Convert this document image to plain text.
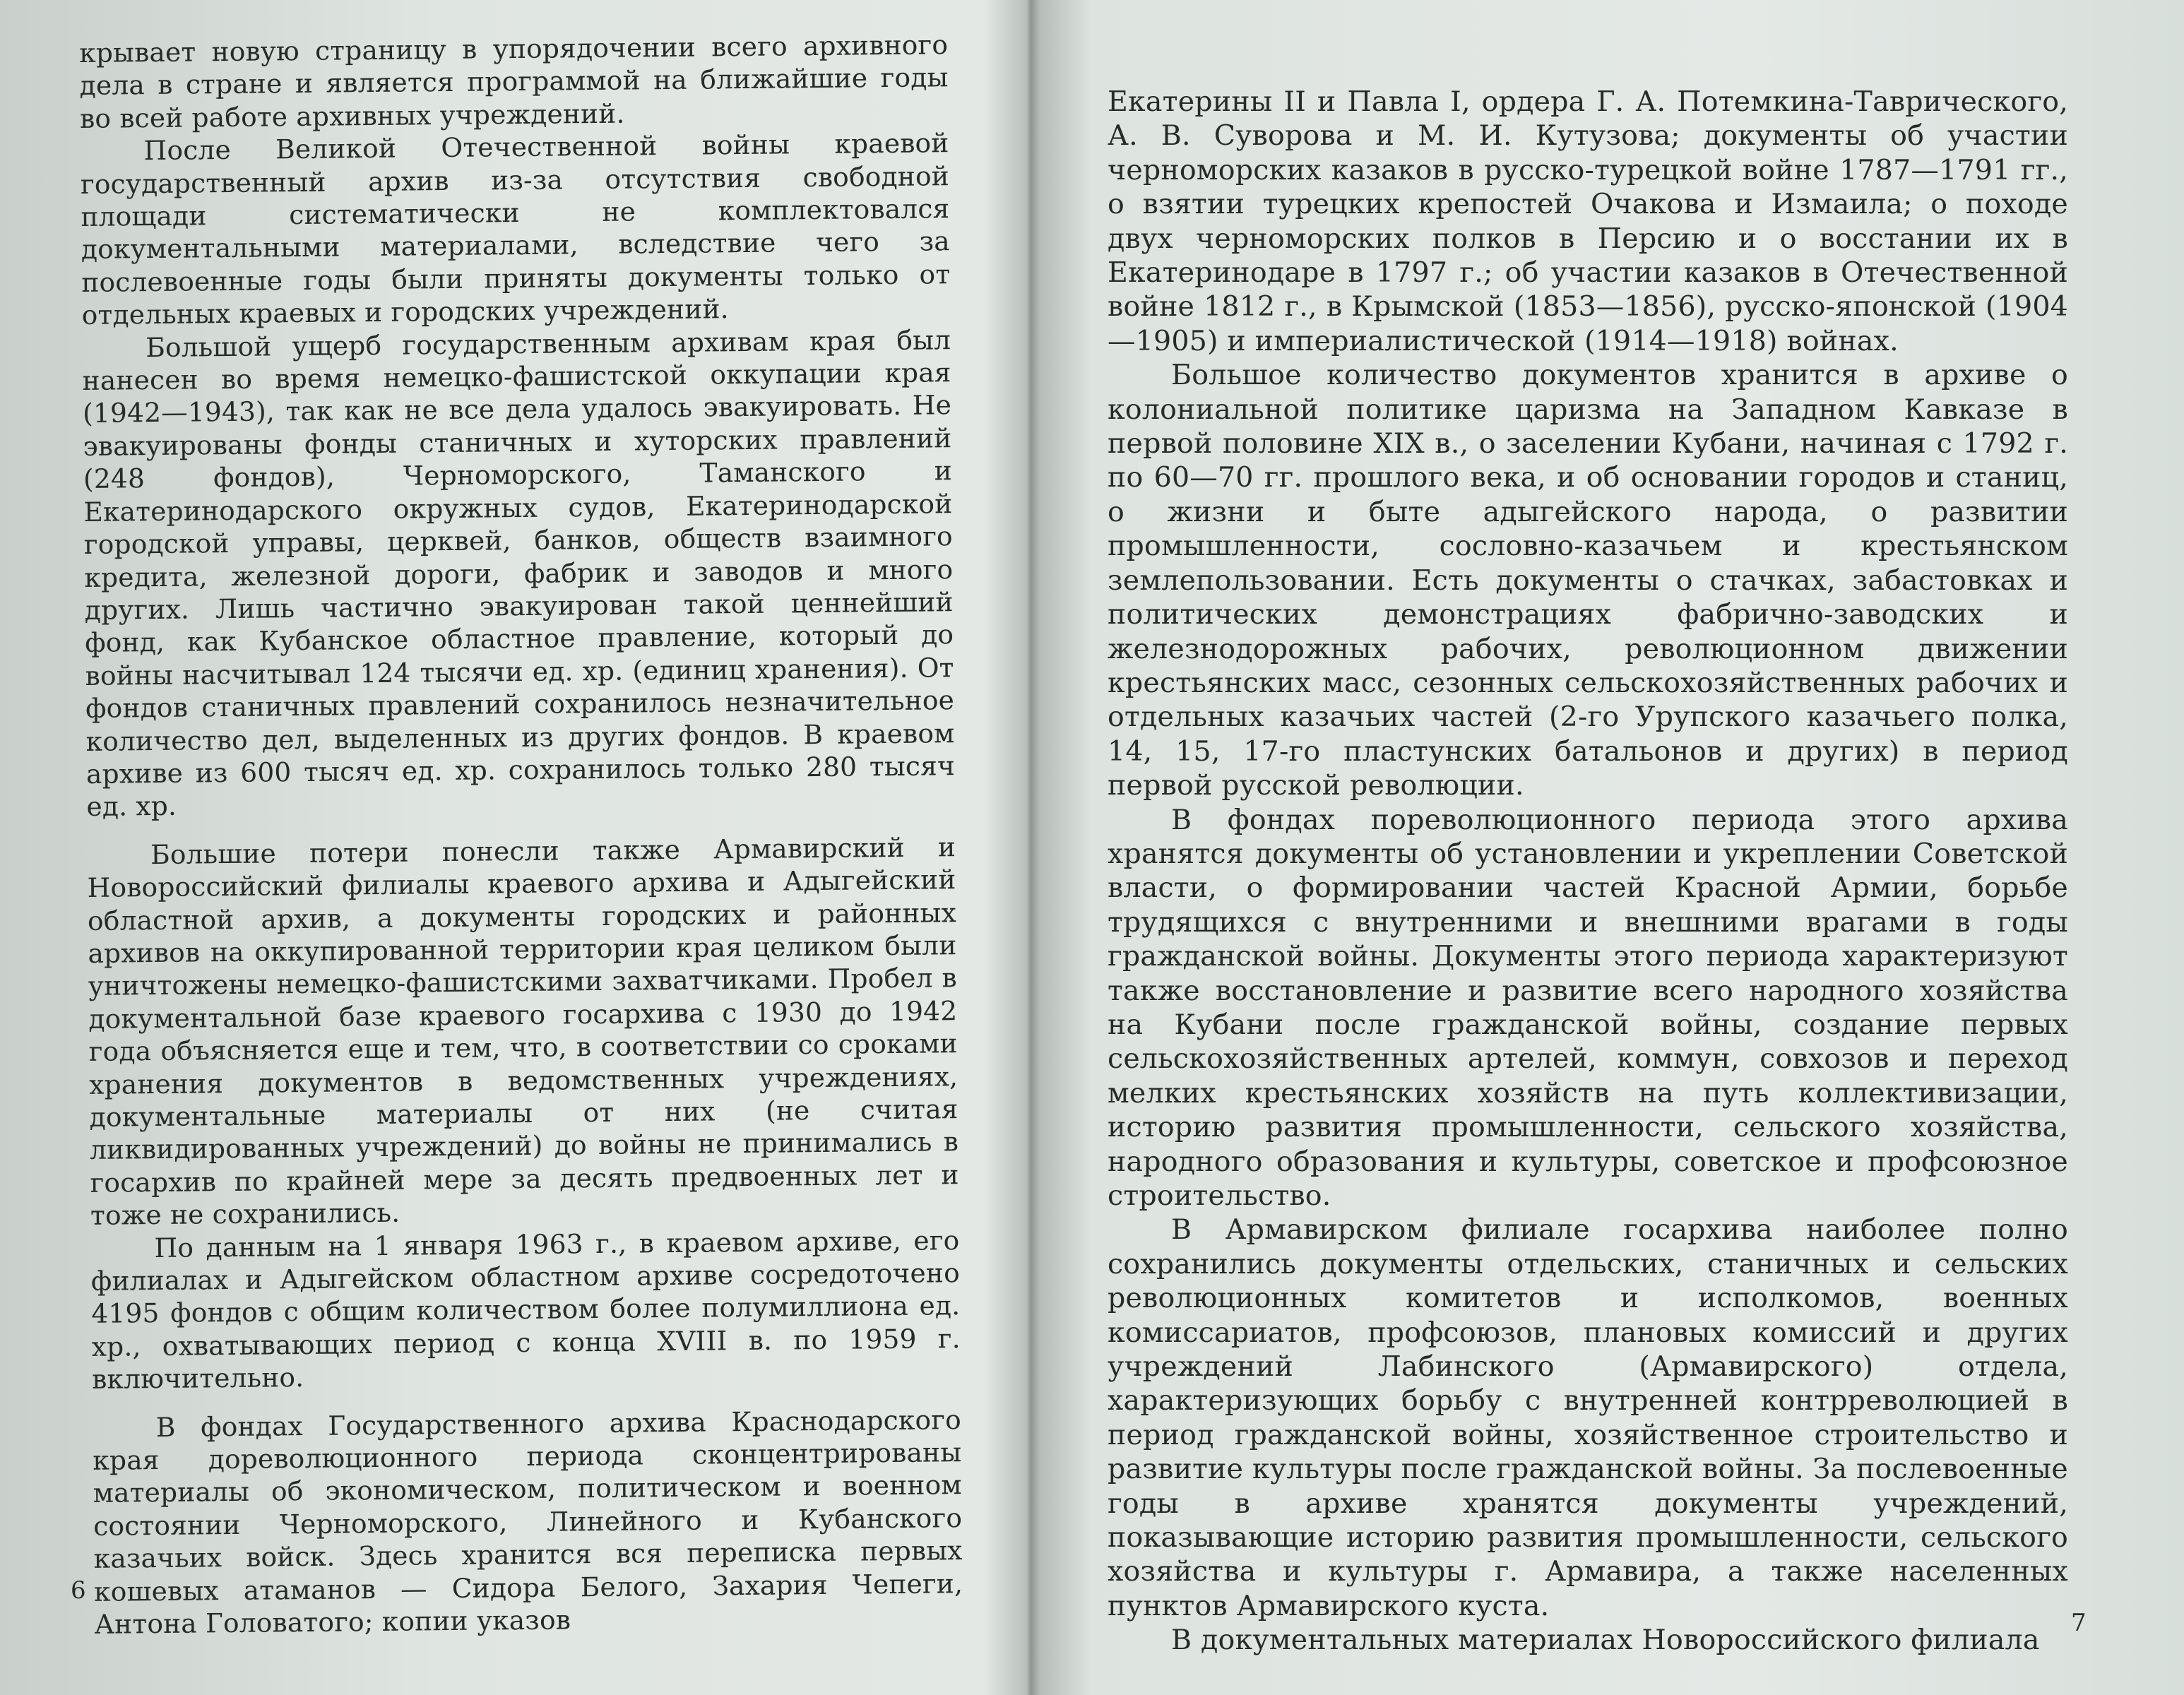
крывает новую страницу в упорядочении всего архивного дела в стране и является программой на ближайшие годы во всей работе архивных учреждений.

После Великой Отечественной войны краевой государственный архив из-за отсутствия свободной площади систематически не комплектовался документальными материалами, вследствие чего за послевоенные годы были приняты документы только от отдельных краевых и городских учреждений.

Большой ущерб государственным архивам края был нанесен во время немецко-фашистской оккупации края (1942—1943), так как не все дела удалось эвакуировать. Не эвакуированы фонды станичных и хуторских правлений (248 фондов), Черноморского, Таманского и Екатеринодарского окружных судов, Екатеринодарской городской управы, церквей, банков, обществ взаимного кредита, железной дороги, фабрик и заводов и много других. Лишь частично эвакуирован такой ценнейший фонд, как Кубанское областное правление, который до войны насчитывал 124 тысячи ед. хр. (единиц хранения). От фондов станичных правлений сохранилось незначительное количество дел, выделенных из других фондов. В краевом архиве из 600 тысяч ед. хр. сохранилось только 280 тысяч ед. хр.

Большие потери понесли также Армавирский и Новороссийский филиалы краевого архива и Адыгейский областной архив, а документы городских и районных архивов на оккупированной территории края целиком были уничтожены немецко-фашистскими захватчиками. Пробел в документальной базе краевого госархива с 1930 до 1942 года объясняется еще и тем, что, в соответствии со сроками хранения документов в ведомственных учреждениях, документальные материалы от них (не считая ликвидированных учреждений) до войны не принимались в госархив по крайней мере за десять предвоенных лет и тоже не сохранились.

По данным на 1 января 1963 г., в краевом архиве, его филиалах и Адыгейском областном архиве сосредоточено 4195 фондов с общим количеством более полумиллиона ед. хр., охватывающих период с конца XVIII в. по 1959 г. включительно.

В фондах Государственного архива Краснодарского края дореволюционного периода сконцентрированы материалы об экономическом, политическом и военном состоянии Черноморского, Линейного и Кубанского казачьих войск. Здесь хранится вся переписка первых кошевых атаманов — Сидора Белого, Захария Чепеги, Антона Головатого; копии указов

6

Екатерины II и Павла I, ордера Г. А. Потемкина-Таврического, А. В. Суворова и М. И. Кутузова; документы об участии черноморских казаков в русско-турецкой войне 1787—1791 гг., о взятии турецких крепостей Очакова и Измаила; о походе двух черноморских полков в Персию и о восстании их в Екатеринодаре в 1797 г.; об участии казаков в Отечественной войне 1812 г., в Крымской (1853—1856), русско-японской (1904—1905) и империалистической (1914—1918) войнах.

Большое количество документов хранится в архиве о колониальной политике царизма на Западном Кавказе в первой половине XIX в., о заселении Кубани, начиная с 1792 г. по 60—70 гг. прошлого века, и об основании городов и станиц, о жизни и быте адыгейского народа, о развитии промышленности, сословно-казачьем и крестьянском землепользовании. Есть документы о стачках, забастовках и политических демонстрациях фабрично-заводских и железнодорожных рабочих, революционном движении крестьянских масс, сезонных сельскохозяйственных рабочих и отдельных казачьих частей (2-го Урупского казачьего полка, 14, 15, 17-го пластунских батальонов и других) в период первой русской революции.

В фондах пореволюционного периода этого архива хранятся документы об установлении и укреплении Советской власти, о формировании частей Красной Армии, борьбе трудящихся с внутренними и внешними врагами в годы гражданской войны. Документы этого периода характеризуют также восстановление и развитие всего народного хозяйства на Кубани после гражданской войны, создание первых сельскохозяйственных артелей, коммун, совхозов и переход мелких крестьянских хозяйств на путь коллективизации, историю развития промышленности, сельского хозяйства, народного образования и культуры, советское и профсоюзное строительство.

В Армавирском филиале госархива наиболее полно сохранились документы отдельских, станичных и сельских революционных комитетов и исполкомов, военных комиссариатов, профсоюзов, плановых комиссий и других учреждений Лабинского (Армавирского) отдела, характеризующих борьбу с внутренней контрреволюцией в период гражданской войны, хозяйственное строительство и развитие культуры после гражданской войны. За послевоенные годы в архиве хранятся документы учреждений, показывающие историю развития промышленности, сельского хозяйства и культуры г. Армавира, а также населенных пунктов Армавирского куста.

В документальных материалах Новороссийского филиала

7
